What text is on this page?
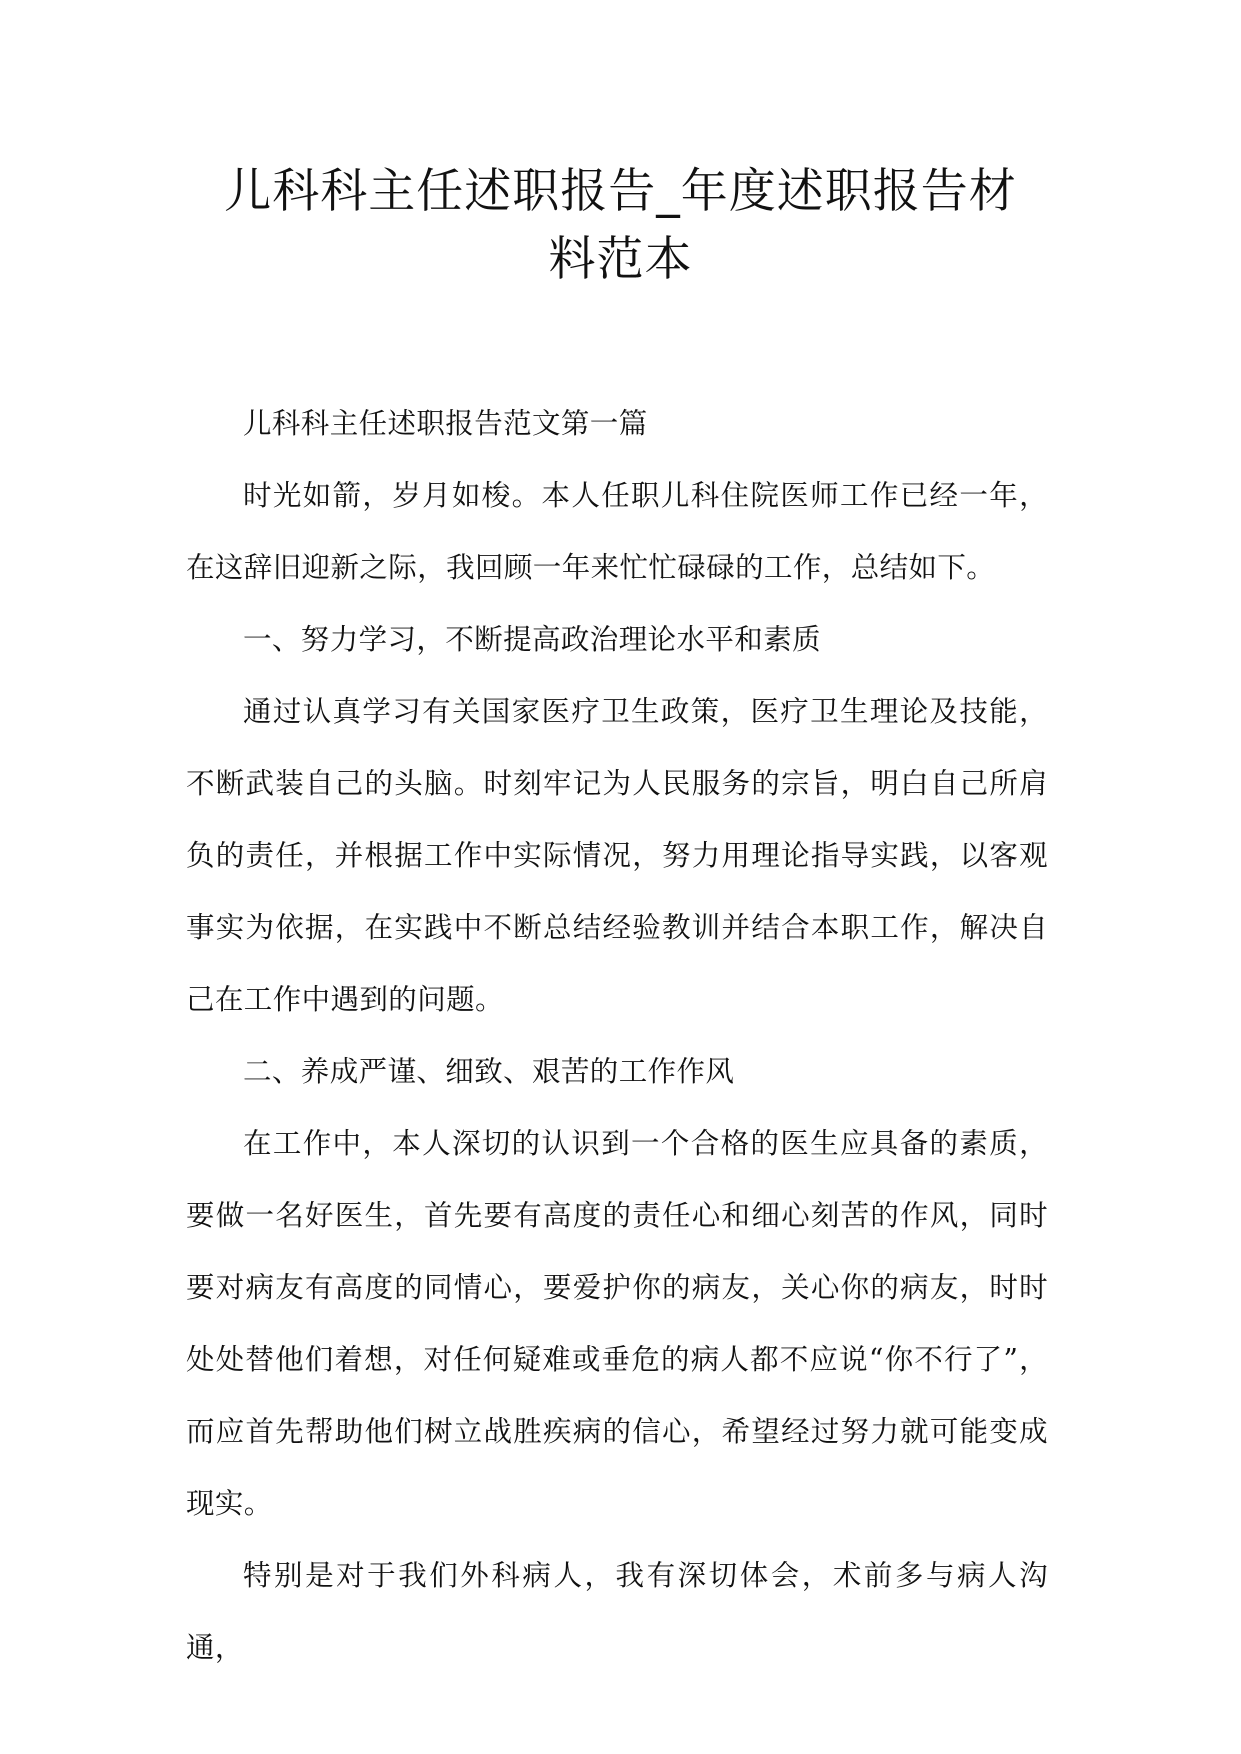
儿科科主任述职报告_年度述职报告材
料范本

儿科科主任述职报告范文第一篇

时光如箭，岁月如梭。本人任职儿科住院医师工作已经一年，在这辞旧迎新之际，我回顾一年来忙忙碌碌的工作，总结如下。

一、努力学习，不断提高政治理论水平和素质

通过认真学习有关国家医疗卫生政策，医疗卫生理论及技能，不断武装自己的头脑。时刻牢记为人民服务的宗旨，明白自己所肩负的责任，并根据工作中实际情况，努力用理论指导实践，以客观事实为依据，在实践中不断总结经验教训并结合本职工作，解决自己在工作中遇到的问题。

二、养成严谨、细致、艰苦的工作作风

在工作中，本人深切的认识到一个合格的医生应具备的素质，要做一名好医生，首先要有高度的责任心和细心刻苦的作风，同时要对病友有高度的同情心，要爱护你的病友，关心你的病友，时时处处替他们着想，对任何疑难或垂危的病人都不应说“你不行了”，而应首先帮助他们树立战胜疾病的信心，希望经过努力就可能变成现实。

特别是对于我们外科病人，我有深切体会，术前多与病人沟通，
